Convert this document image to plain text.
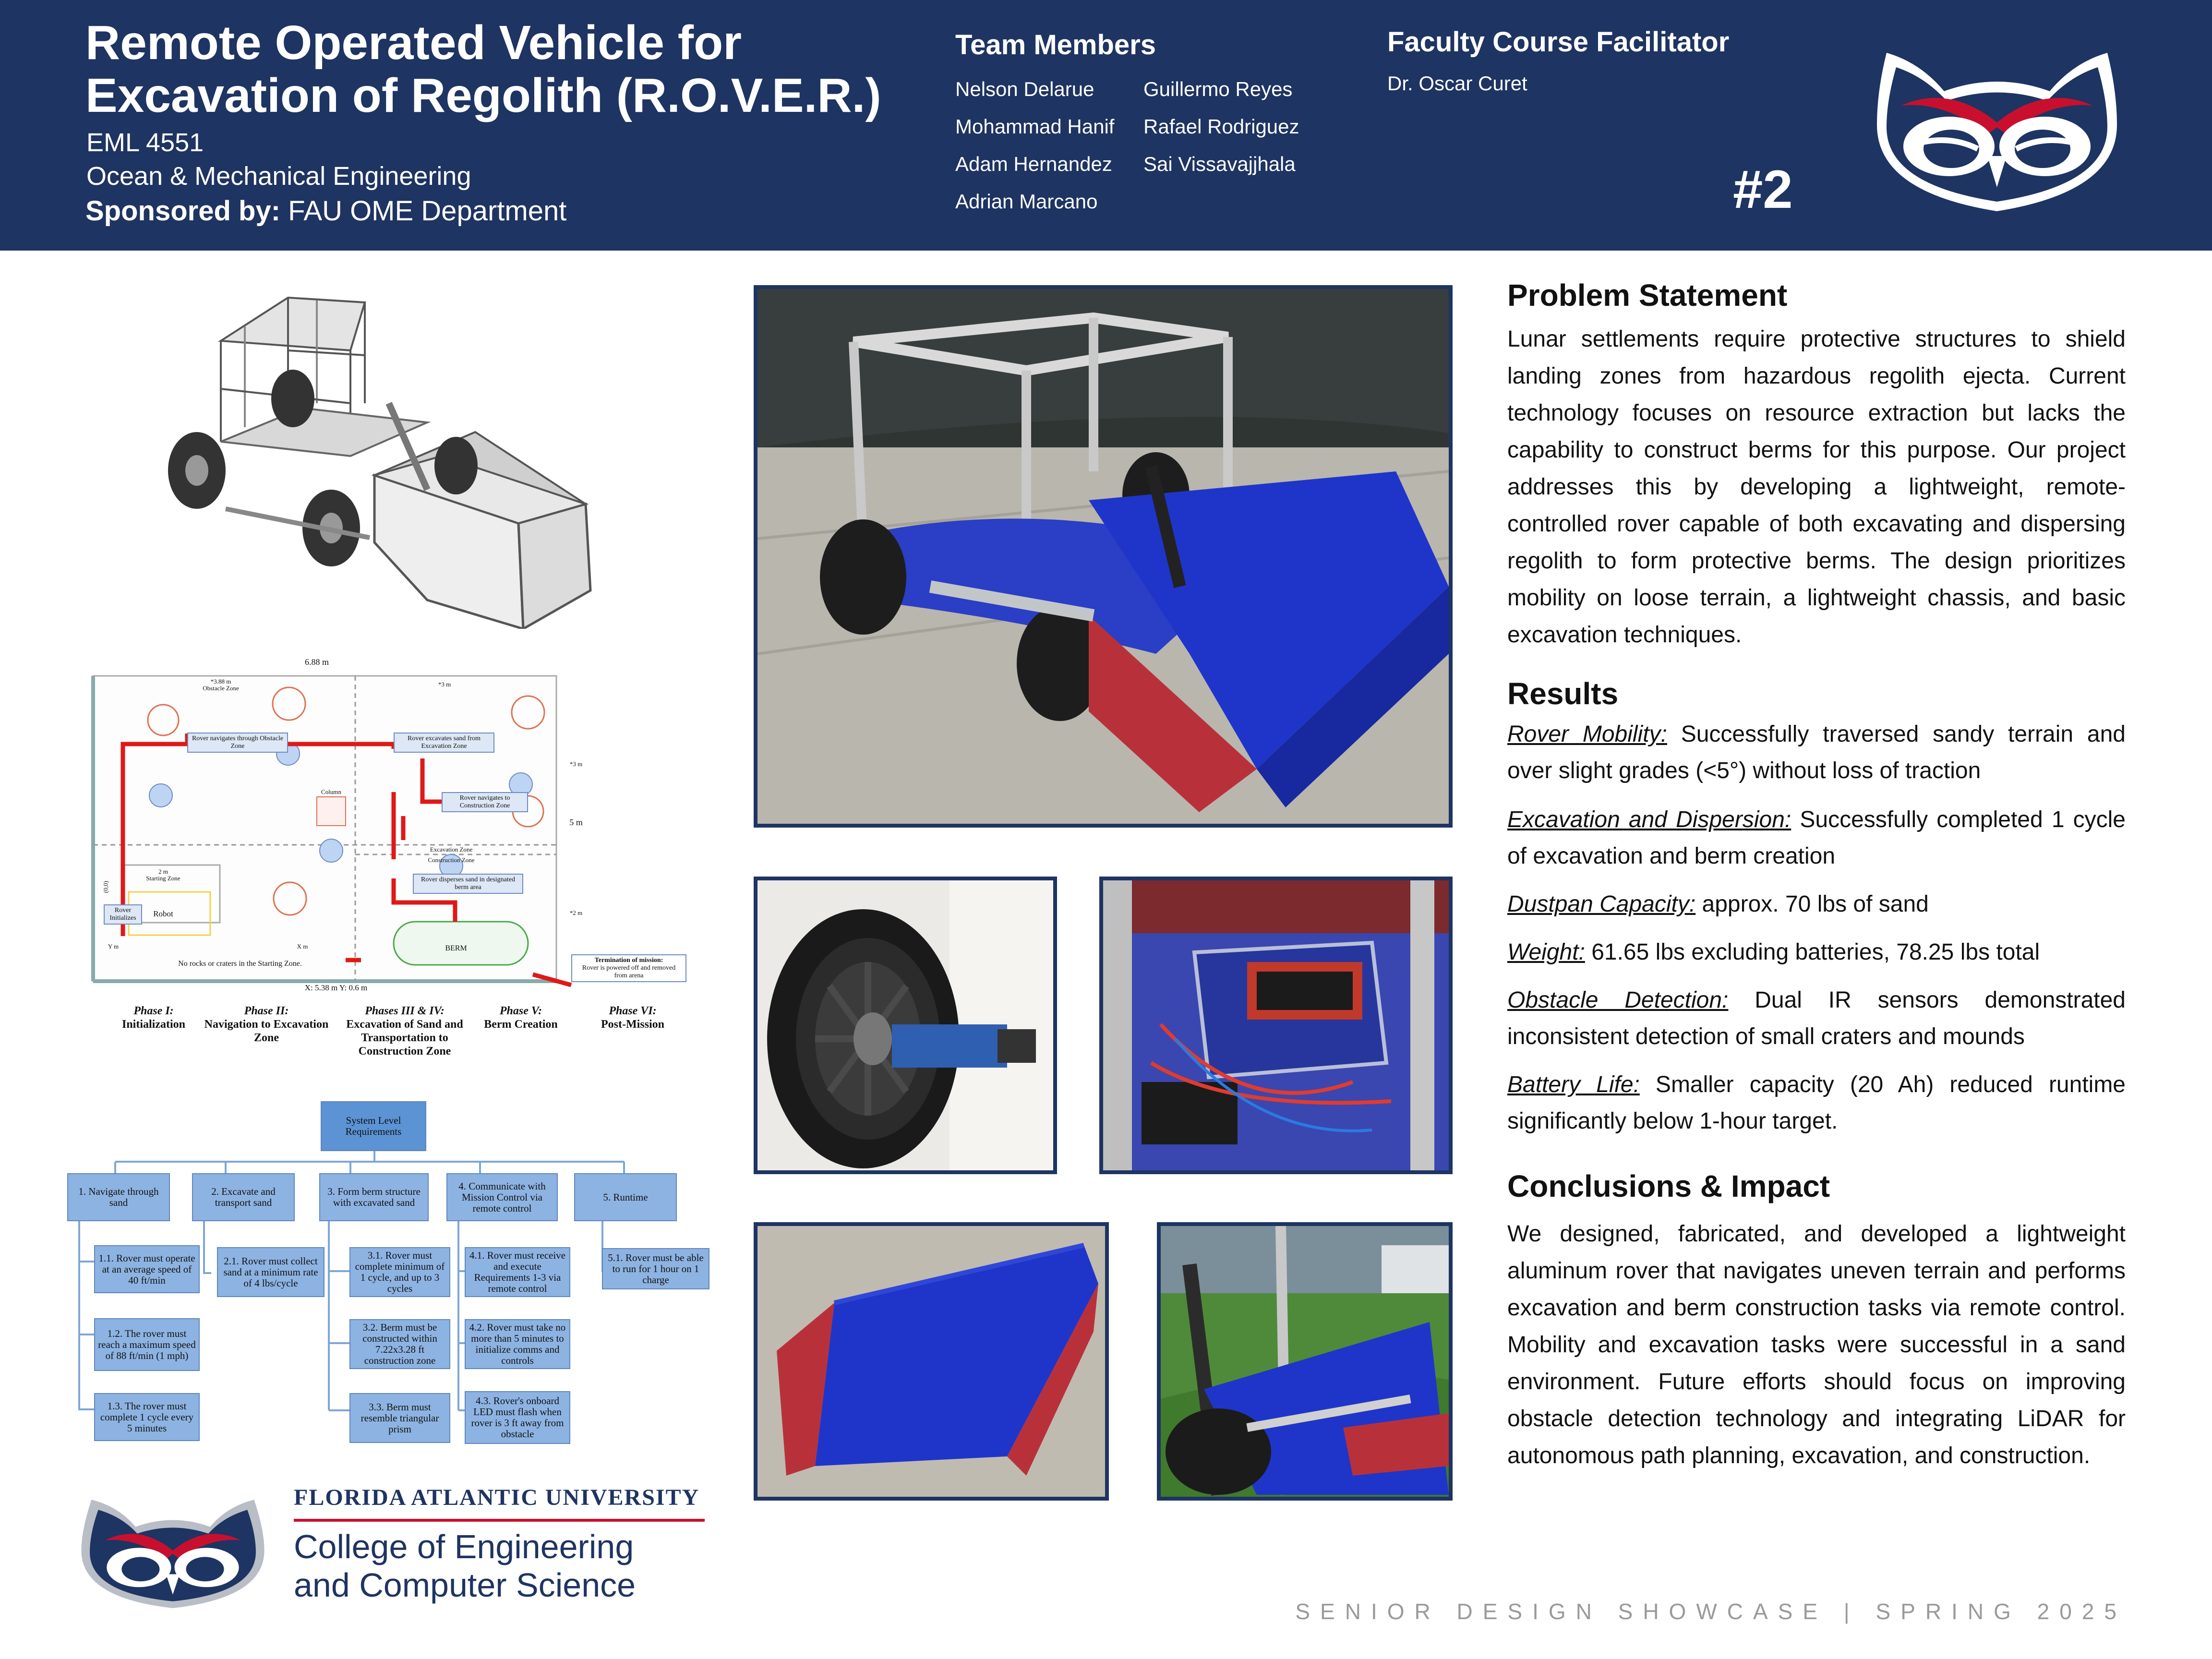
Remote Operated Vehicle for
Excavation of Regolith (R.O.V.E.R.)
EML 4551
Ocean & Mechanical Engineering
Sponsored by: FAU OME Department
Team Members
Nelson Delarue
Mohammad Hanif
Adam Hernandez
Adrian Marcano
Guillermo Reyes
Rafael Rodriguez
Sai Vissavajjhala
Faculty Course Facilitator
Dr. Oscar Curet
#2
6.88 m
*3.88 m
Obstacle Zone
*3 m
*3 m
5 m
*2 m
Column
Excavation Zone
Construction Zone
2 m
Starting Zone
(0,0)
Robot
Y m	X m	BERM
No rocks or craters in the Starting Zone.
X: 5.38 m Y: 0.6 m
Rover navigates through Obstacle Zone
Rover excavates sand from Excavation Zone
Rover navigates to Construction Zone
Rover disperses sand in designated berm area
Rover Initializes
Termination of mission:
Rover is powered off and removed from arena
Phase I:
Initialization
Phase II:
Navigation to Excavation Zone
Phases III & IV:
Excavation of Sand and Transportation to Construction Zone
Phase V:
Berm Creation
Phase VI:
Post-Mission
System Level Requirements
1. Navigate through sand
2. Excavate and transport sand
3. Form berm structure with excavated sand
4. Communicate with Mission Control via remote control
5. Runtime
1.1. Rover must operate at an average speed of 40 ft/min
1.2. The rover must reach a maximum speed of 88 ft/min (1 mph)
1.3. The rover must complete 1 cycle every 5 minutes
2.1. Rover must collect sand at a minimum rate of 4 lbs/cycle
3.1. Rover must complete minimum of 1 cycle, and up to 3 cycles
3.2. Berm must be constructed within 7.22x3.28 ft construction zone
3.3. Berm must resemble triangular prism
4.1. Rover must receive and execute Requirements 1-3 via remote control
4.2. Rover must take no more than 5 minutes to initialize comms and controls
4.3. Rover's onboard LED must flash when rover is 3 ft away from obstacle
5.1. Rover must be able to run for 1 hour on 1 charge
Problem Statement
Lunar settlements require protective structures to shield landing zones from hazardous regolith ejecta. Current technology focuses on resource extraction but lacks the capability to construct berms for this purpose. Our project addresses this by developing a lightweight, remote-controlled rover capable of both excavating and dispersing regolith to form protective berms. The design prioritizes mobility on loose terrain, a lightweight chassis, and basic excavation techniques.
Results
Rover Mobility: Successfully traversed sandy terrain and over slight grades (<5°) without loss of traction
Excavation and Dispersion: Successfully completed 1 cycle of excavation and berm creation
Dustpan Capacity: approx. 70 lbs of sand
Weight: 61.65 lbs excluding batteries, 78.25 lbs total
Obstacle Detection: Dual IR sensors demonstrated inconsistent detection of small craters and mounds
Battery Life: Smaller capacity (20 Ah) reduced runtime significantly below 1-hour target.
Conclusions & Impact
We designed, fabricated, and developed a lightweight aluminum rover that navigates uneven terrain and performs excavation and berm construction tasks via remote control. Mobility and excavation tasks were successful in a sand environment. Future efforts should focus on improving obstacle detection technology and integrating LiDAR for autonomous path planning, excavation, and construction.
FLORIDA ATLANTIC UNIVERSITY
College of Engineering
and Computer Science
SENIOR DESIGN SHOWCASE | SPRING 2025
